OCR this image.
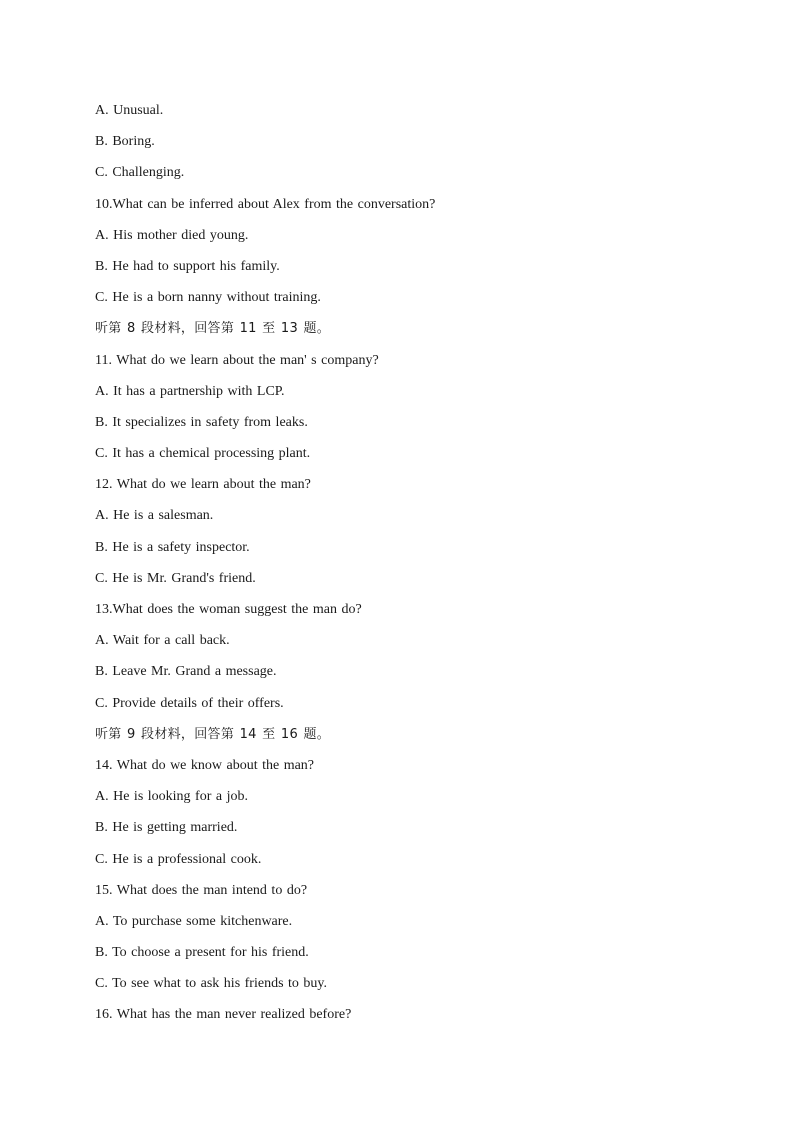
A. Unusual.
B. Boring.
C. Challenging.
10.What can be inferred about Alex from the conversation?
A. His mother died young.
B. He had to support his family.
C. He is a born nanny without training.
听第 8 段材料，回答第 11 至 13 题。
11. What do we learn about the man' s company?
A. It has a partnership with LCP.
B. It specializes in safety from leaks.
C. It has a chemical processing plant.
12. What do we learn about the man?
A. He is a salesman.
B. He is a safety inspector.
C. He is Mr. Grand's friend.
13.What does the woman suggest the man do?
A. Wait for a call back.
B. Leave Mr. Grand a message.
C. Provide details of their offers.
听第 9 段材料，回答第 14 至 16 题。
14. What do we know about the man?
A. He is looking for a job.
B. He is getting married.
C. He is a professional cook.
15. What does the man intend to do?
A. To purchase some kitchenware.
B. To choose a present for his friend.
C. To see what to ask his friends to buy.
16. What has the man never realized before?
